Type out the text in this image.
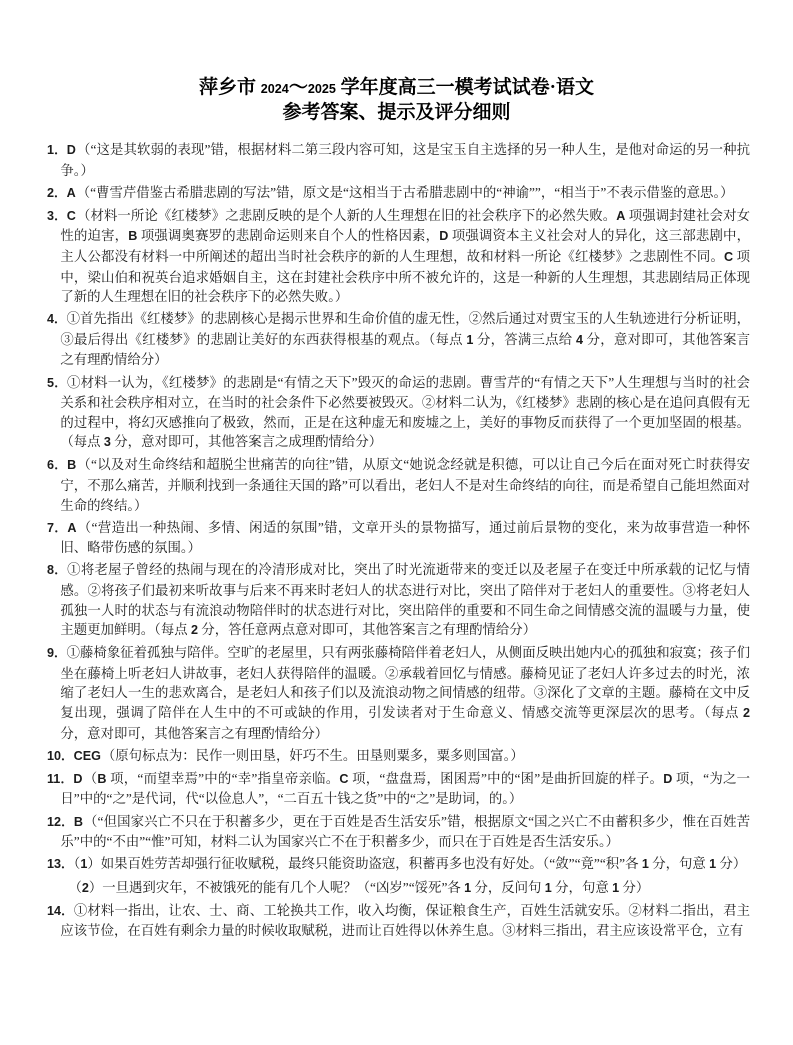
萍乡市 2024～2025 学年度高三一模考试试卷·语文
参考答案、提示及评分细则

1．D（“这是其软弱的表现”错，根据材料二第三段内容可知，这是宝玉自主选择的另一种人生，是他对命运的另一种抗争。）

2．A（“曹雪芹借鉴古希腊悲剧的写法”错，原文是“这相当于古希腊悲剧中的“神谕””，“相当于”不表示借鉴的意思。）

3．C（材料一所论《红楼梦》之悲剧反映的是个人新的人生理想在旧的社会秩序下的必然失败。A 项强调封建社会对女性的迫害，B 项强调奥赛罗的悲剧命运则来自个人的性格因素，D 项强调资本主义社会对人的异化，这三部悲剧中，主人公都没有材料一中所阐述的超出当时社会秩序的新的人生理想，故和材料一所论《红楼梦》之悲剧性不同。C 项中，梁山伯和祝英台追求婚姻自主，这在封建社会秩序中所不被允许的，这是一种新的人生理想，其悲剧结局正体现了新的人生理想在旧的社会秩序下的必然失败。）

4．①首先指出《红楼梦》的悲剧核心是揭示世界和生命价值的虚无性，②然后通过对贾宝玉的人生轨迹进行分析证明，③最后得出《红楼梦》的悲剧让美好的东西获得根基的观点。（每点 1 分，答满三点给 4 分，意对即可，其他答案言之有理酌情给分）

5．①材料一认为，《红楼梦》的悲剧是“有情之天下”毁灭的命运的悲剧。曹雪芹的“有情之天下”人生理想与当时的社会关系和社会秩序相对立，在当时的社会条件下必然要被毁灭。②材料二认为，《红楼梦》悲剧的核心是在追问真假有无的过程中，将幻灭感推向了极致，然而，正是在这种虚无和废墟之上，美好的事物反而获得了一个更加坚固的根基。（每点 3 分，意对即可，其他答案言之成理酌情给分）

6．B（“以及对生命终结和超脱尘世痛苦的向往”错，从原文“她说念经就是积德，可以让自己今后在面对死亡时获得安宁，不那么痛苦，并顺利找到一条通往天国的路”可以看出，老妇人不是对生命终结的向往，而是希望自己能坦然面对生命的终结。）

7．A（“营造出一种热闹、多情、闲适的氛围”错，文章开头的景物描写，通过前后景物的变化，来为故事营造一种怀旧、略带伤感的氛围。）

8．①将老屋子曾经的热闹与现在的冷清形成对比，突出了时光流逝带来的变迁以及老屋子在变迁中所承载的记忆与情感。②将孩子们最初来听故事与后来不再来时老妇人的状态进行对比，突出了陪伴对于老妇人的重要性。③将老妇人孤独一人时的状态与有流浪动物陪伴时的状态进行对比，突出陪伴的重要和不同生命之间情感交流的温暖与力量，使主题更加鲜明。（每点 2 分，答任意两点意对即可，其他答案言之有理酌情给分）

9．①藤椅象征着孤独与陪伴。空旷的老屋里，只有两张藤椅陪伴着老妇人，从侧面反映出她内心的孤独和寂寞；孩子们坐在藤椅上听老妇人讲故事，老妇人获得陪伴的温暖。②承载着回忆与情感。藤椅见证了老妇人许多过去的时光，浓缩了老妇人一生的悲欢离合，是老妇人和孩子们以及流浪动物之间情感的纽带。③深化了文章的主题。藤椅在文中反复出现，强调了陪伴在人生中的不可或缺的作用，引发读者对于生命意义、情感交流等更深层次的思考。（每点 2 分，意对即可，其他答案言之有理酌情给分）

10．CEG（原句标点为：民作一则田垦，奸巧不生。田垦则粟多，粟多则国富。）

11．D（B 项，“而望幸焉”中的“幸”指皇帝亲临。C 项，“盘盘焉，囷囷焉”中的“囷”是曲折回旋的样子。D 项，“为之一日”中的“之”是代词，代“以俭息人”，“二百五十钱之货”中的“之”是助词，的。）

12．B（“但国家兴亡不只在于积蓄多少，更在于百姓是否生活安乐”错，根据原文“国之兴亡不由蓄积多少，惟在百姓苦乐”中的“不由”“惟”可知，材料二认为国家兴亡不在于积蓄多少，而只在于百姓是否生活安乐。）

13．（1）如果百姓劳苦却强行征收赋税，最终只能资助盗寇，积蓄再多也没有好处。（“敛”“竟”“积”各 1 分，句意 1 分）

（2）一旦遇到灾年，不被饿死的能有几个人呢？（“凶岁”“馁死”各 1 分，反问句 1 分，句意 1 分）

14．①材料一指出，让农、士、商、工轮换共工作，收入均衡，保证粮食生产，百姓生活就安乐。②材料二指出，君主应该节俭，在百姓有剩余力量的时候收取赋税，进而让百姓得以休养生息。③材料三指出，君主应该设常平仓，立有
